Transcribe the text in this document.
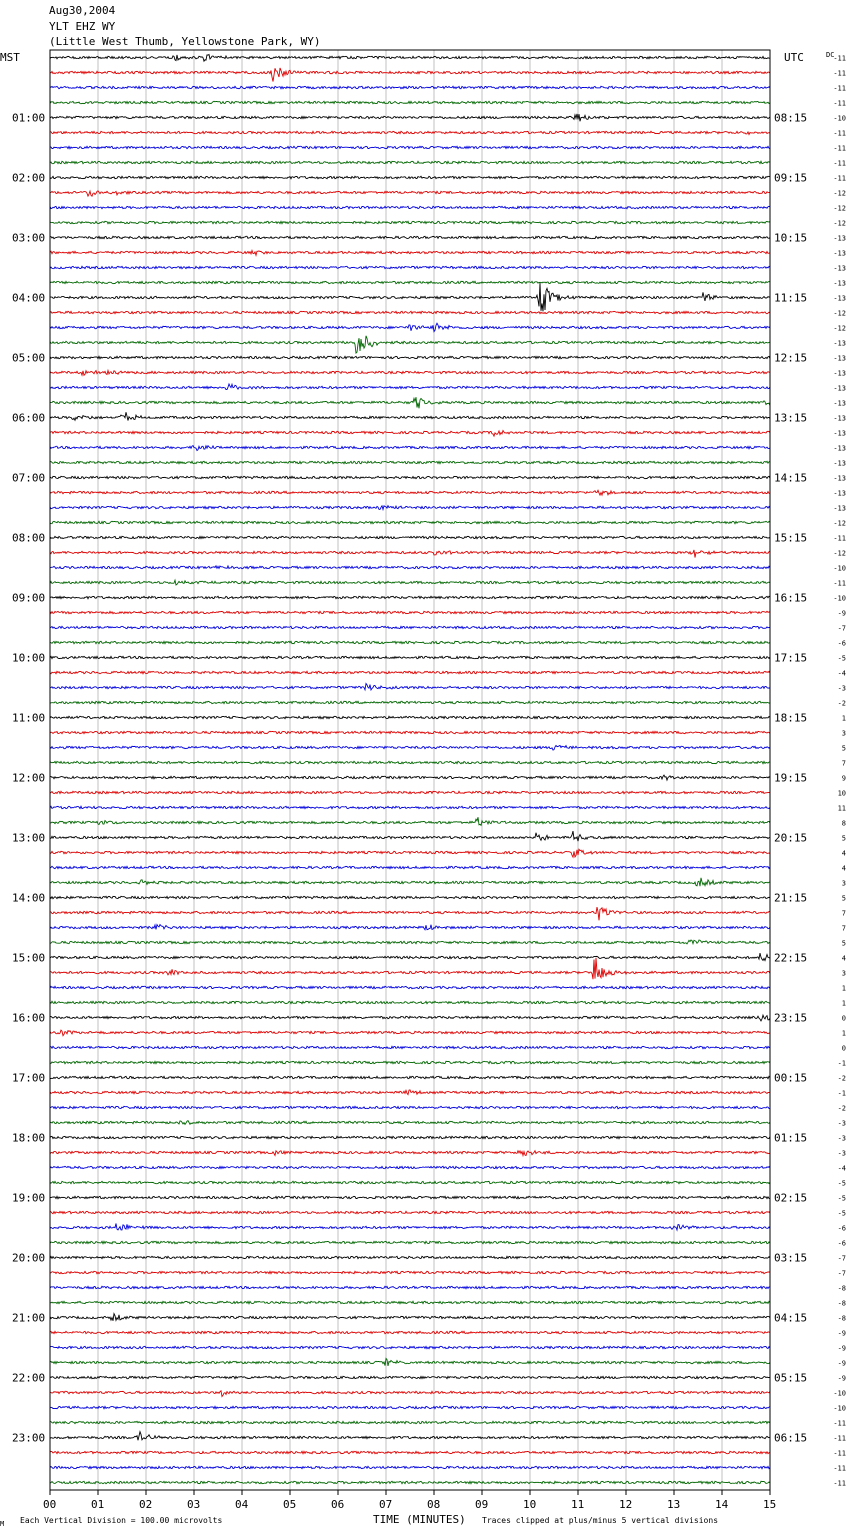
Aug30,2004
YLT EHZ WY
(Little West Thumb, Yellowstone Park, WY)
01:00
02:00
03:00
04:00
05:00
06:00
07:00
08:00
09:00
10:00
11:00
12:00
13:00
14:00
15:00
16:00
17:00
18:00
19:00
20:00
21:00
22:00
23:00
08:15
09:15
10:15
11:15
12:15
13:15
14:15
15:15
16:15
17:15
18:15
19:15
20:15
21:15
22:15
23:15
00:15
01:15
02:15
03:15
04:15
05:15
06:15
-11
-11
-11
-11
-10
-11
-11
-11
-11
-12
-12
-12
-13
-13
-13
-13
-13
-12
-12
-13
-13
-13
-13
-13
-13
-13
-13
-13
-13
-13
-13
-12
-11
-12
-10
-11
-10
-9
-7
-6
-5
-4
-3
-2
1
3
5
7
9
10
11
8
5
4
4
3
5
7
7
5
4
3
1
1
0
1
0
-1
-2
-1
-2
-3
-3
-3
-4
-5
-5
-5
-6
-6
-7
-7
-8
-8
-8
-9
-9
-9
-9
-10
-10
-11
-11
-11
-11
-11
00	01	02	03	04	05	06	07	08	09	10	11	12	13	14	15
MST	UTC	DC
M Each Vertical Division = 100.00 microvolts	TIME (MINUTES) Traces clipped at plus/minus 5 vertical divisions
